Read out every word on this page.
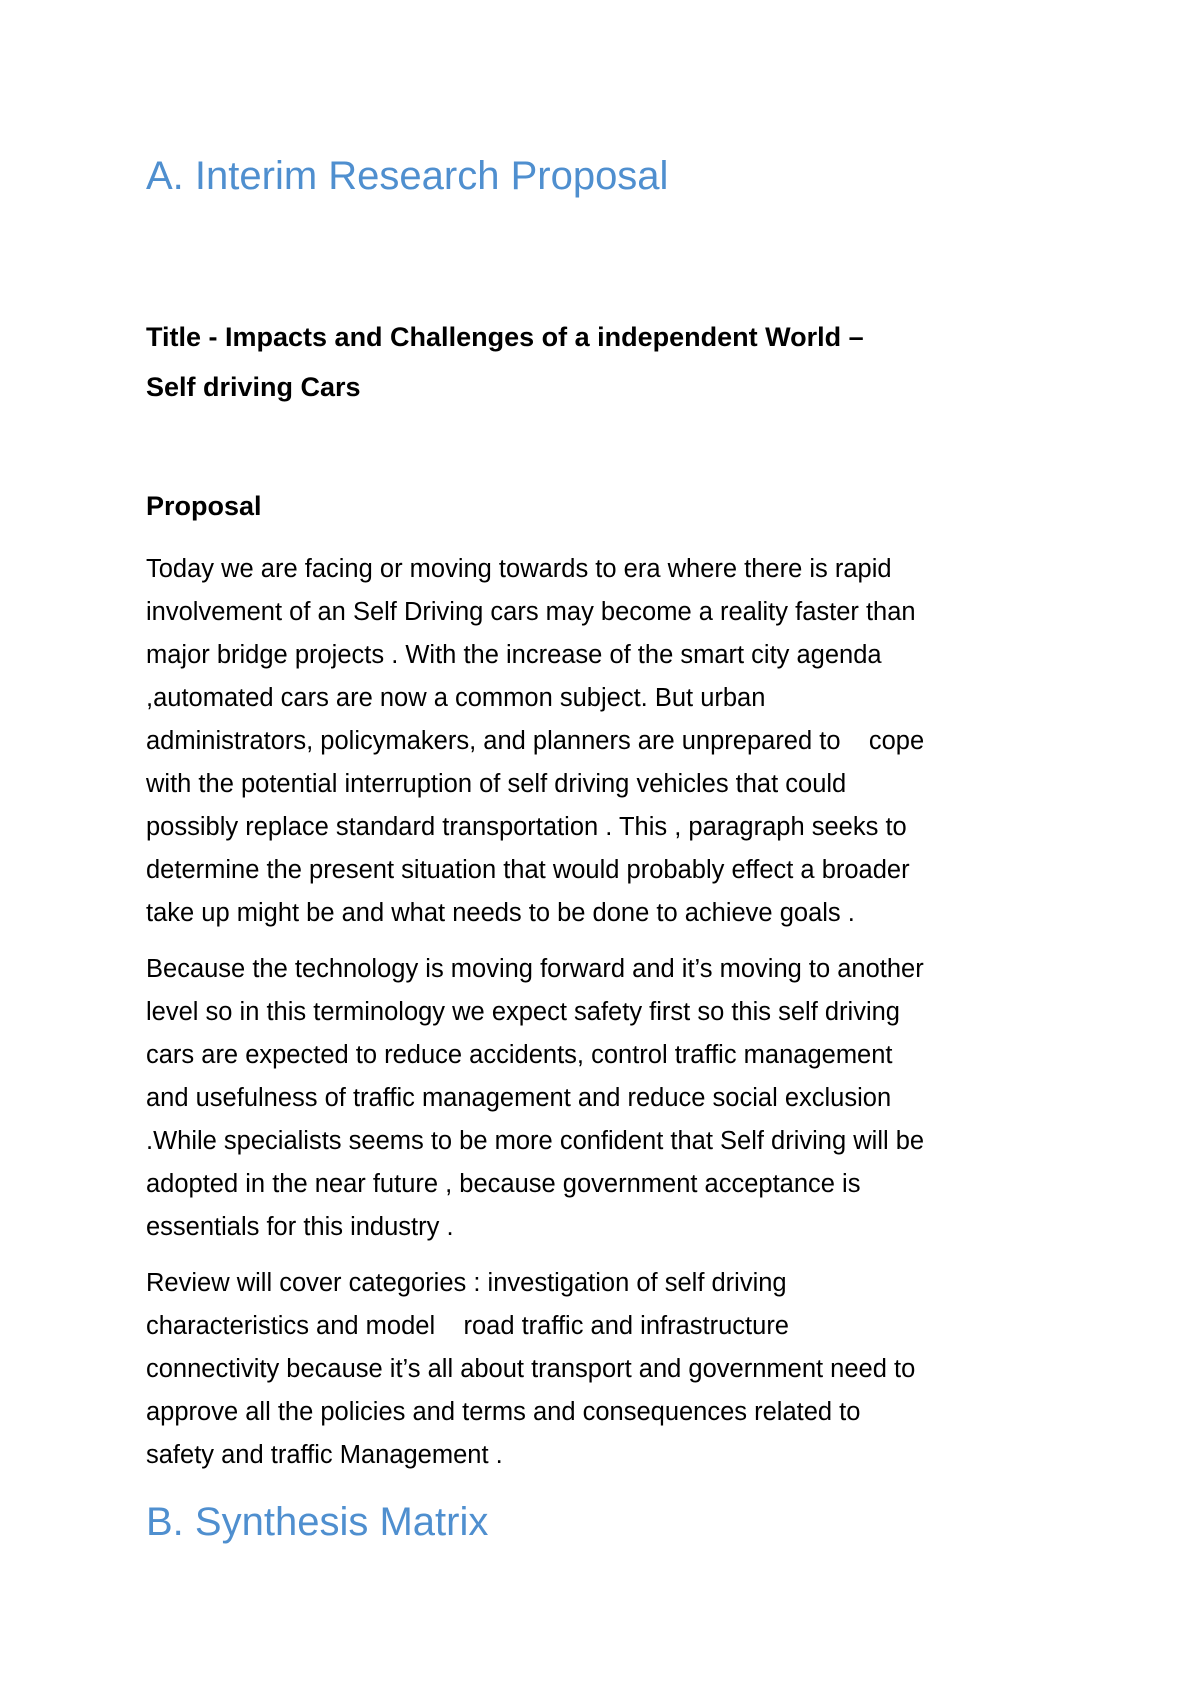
A. Interim Research Proposal
Title - Impacts and Challenges of a independent World –
Self driving Cars
Proposal

Today we are facing or moving towards to era where there is rapid
involvement of an Self Driving cars may become a reality faster than
major bridge projects . With the increase of the smart city agenda
,automated cars are now a common subject. But urban
administrators, policymakers, and planners are unprepared to    cope
with the potential interruption of self driving vehicles that could
possibly replace standard transportation . This , paragraph seeks to
determine the present situation that would probably effect a broader
take up might be and what needs to be done to achieve goals .

Because the technology is moving forward and it’s moving to another
level so in this terminology we expect safety first so this self driving
cars are expected to reduce accidents, control traffic management
and usefulness of traffic management and reduce social exclusion
.While specialists seems to be more confident that Self driving will be
adopted in the near future , because government acceptance is
essentials for this industry .

Review will cover categories : investigation of self driving
characteristics and model    road traffic and infrastructure
connectivity because it’s all about transport and government need to
approve all the policies and terms and consequences related to
safety and traffic Management .

B. Synthesis Matrix
